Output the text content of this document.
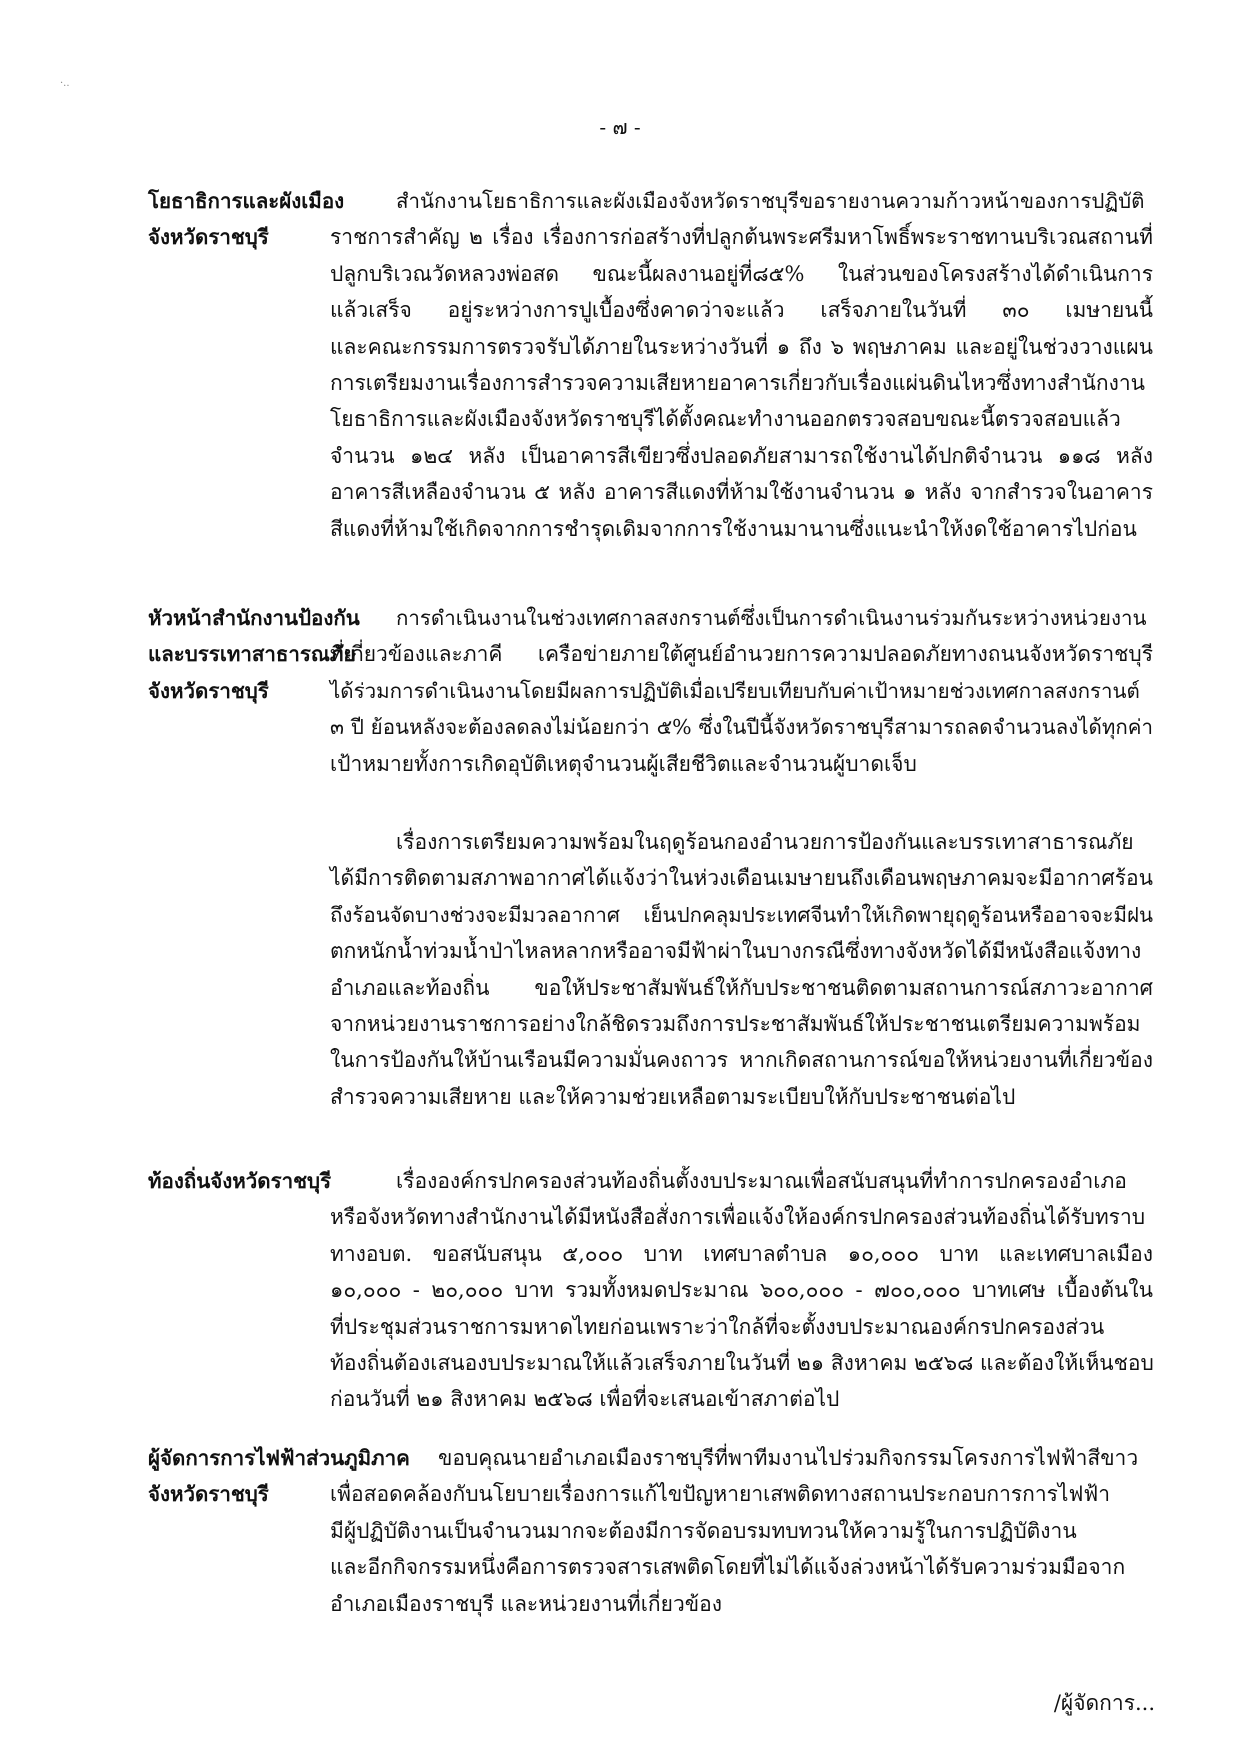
·..
- ๗ -
โยธาธิการและผังเมือง
จังหวัดราชบุรี
สำนักงานโยธาธิการและผังเมืองจังหวัดราชบุรีขอรายงานความก้าวหน้าของการปฏิบัติ
ราชการสำคัญ ๒ เรื่อง เรื่องการก่อสร้างที่ปลูกต้นพระศรีมหาโพธิ์พระราชทานบริเวณสถานที่
ปลูกบริเวณวัดหลวงพ่อสด ขณะนี้ผลงานอยู่ที่๘๕% ในส่วนของโครงสร้างได้ดำเนินการ
แล้วเสร็จ อยู่ระหว่างการปูเบื้องซึ่งคาดว่าจะแล้ว เสร็จภายในวันที่ ๓๐ เมษายนนี้
และคณะกรรมการตรวจรับได้ภายในระหว่างวันที่ ๑ ถึง ๖ พฤษภาคม และอยู่ในช่วงวางแผน
การเตรียมงานเรื่องการสำรวจความเสียหายอาคารเกี่ยวกับเรื่องแผ่นดินไหวซึ่งทางสำนักงาน
โยธาธิการและผังเมืองจังหวัดราชบุรีได้ตั้งคณะทำงานออกตรวจสอบขณะนี้ตรวจสอบแล้ว
จำนวน ๑๒๔ หลัง เป็นอาคารสีเขียวซึ่งปลอดภัยสามารถใช้งานได้ปกติจำนวน ๑๑๘ หลัง
อาคารสีเหลืองจำนวน ๕ หลัง อาคารสีแดงที่ห้ามใช้งานจำนวน ๑ หลัง จากสำรวจในอาคาร
สีแดงที่ห้ามใช้เกิดจากการชำรุดเดิมจากการใช้งานมานานซึ่งแนะนำให้งดใช้อาคารไปก่อน
หัวหน้าสำนักงานป้องกัน
และบรรเทาสาธารณภัย
จังหวัดราชบุรี
การดำเนินงานในช่วงเทศกาลสงกรานต์ซึ่งเป็นการดำเนินงานร่วมกันระหว่างหน่วยงาน
ที่เกี่ยวข้องและภาคี เครือข่ายภายใต้ศูนย์อำนวยการความปลอดภัยทางถนนจังหวัดราชบุรี
ได้ร่วมการดำเนินงานโดยมีผลการปฏิบัติเมื่อเปรียบเทียบกับค่าเป้าหมายช่วงเทศกาลสงกรานต์
๓ ปี ย้อนหลังจะต้องลดลงไม่น้อยกว่า ๕% ซึ่งในปีนี้จังหวัดราชบุรีสามารถลดจำนวนลงได้ทุกค่า
เป้าหมายทั้งการเกิดอุบัติเหตุจำนวนผู้เสียชีวิตและจำนวนผู้บาดเจ็บ
เรื่องการเตรียมความพร้อมในฤดูร้อนกองอำนวยการป้องกันและบรรเทาสาธารณภัย
ได้มีการติดตามสภาพอากาศได้แจ้งว่าในห่วงเดือนเมษายนถึงเดือนพฤษภาคมจะมีอากาศร้อน
ถึงร้อนจัดบางช่วงจะมีมวลอากาศ เย็นปกคลุมประเทศจีนทำให้เกิดพายุฤดูร้อนหรืออาจจะมีฝน
ตกหนักน้ำท่วมน้ำป่าไหลหลากหรืออาจมีฟ้าผ่าในบางกรณีซึ่งทางจังหวัดได้มีหนังสือแจ้งทาง
อำเภอและท้องถิ่น ขอให้ประชาสัมพันธ์ให้กับประชาชนติดตามสถานการณ์สภาวะอากาศ
จากหน่วยงานราชการอย่างใกล้ชิดรวมถึงการประชาสัมพันธ์ให้ประชาชนเตรียมความพร้อม
ในการป้องกันให้บ้านเรือนมีความมั่นคงถาวร หากเกิดสถานการณ์ขอให้หน่วยงานที่เกี่ยวข้อง
สำรวจความเสียหาย และให้ความช่วยเหลือตามระเบียบให้กับประชาชนต่อไป
ท้องถิ่นจังหวัดราชบุรี	เรื่ององค์กรปกครองส่วนท้องถิ่นตั้งงบประมาณเพื่อสนับสนุนที่ทำการปกครองอำเภอ
หรือจังหวัดทางสำนักงานได้มีหนังสือสั่งการเพื่อแจ้งให้องค์กรปกครองส่วนท้องถิ่นได้รับทราบ
ทางอบต. ขอสนับสนุน ๕,๐๐๐ บาท เทศบาลตำบล ๑๐,๐๐๐ บาท และเทศบาลเมือง
๑๐,๐๐๐ - ๒๐,๐๐๐ บาท รวมทั้งหมดประมาณ ๖๐๐,๐๐๐ - ๗๐๐,๐๐๐ บาทเศษ เบื้องต้นใน
ที่ประชุมส่วนราชการมหาดไทยก่อนเพราะว่าใกล้ที่จะตั้งงบประมาณองค์กรปกครองส่วน
ท้องถิ่นต้องเสนองบประมาณให้แล้วเสร็จภายในวันที่ ๒๑ สิงหาคม ๒๕๖๘ และต้องให้เห็นชอบ
ก่อนวันที่ ๒๑ สิงหาคม ๒๕๖๘ เพื่อที่จะเสนอเข้าสภาต่อไป
ผู้จัดการการไฟฟ้าส่วนภูมิภาค
จังหวัดราชบุรี
ขอบคุณนายอำเภอเมืองราชบุรีที่พาทีมงานไปร่วมกิจกรรมโครงการไฟฟ้าสีขาว
เพื่อสอดคล้องกับนโยบายเรื่องการแก้ไขปัญหายาเสพติดทางสถานประกอบการการไฟฟ้า
มีผู้ปฏิบัติงานเป็นจำนวนมากจะต้องมีการจัดอบรมทบทวนให้ความรู้ในการปฏิบัติงาน
และอีกกิจกรรมหนึ่งคือการตรวจสารเสพติดโดยที่ไม่ได้แจ้งล่วงหน้าได้รับความร่วมมือจาก
อำเภอเมืองราชบุรี และหน่วยงานที่เกี่ยวข้อง
/ผู้จัดการ...
